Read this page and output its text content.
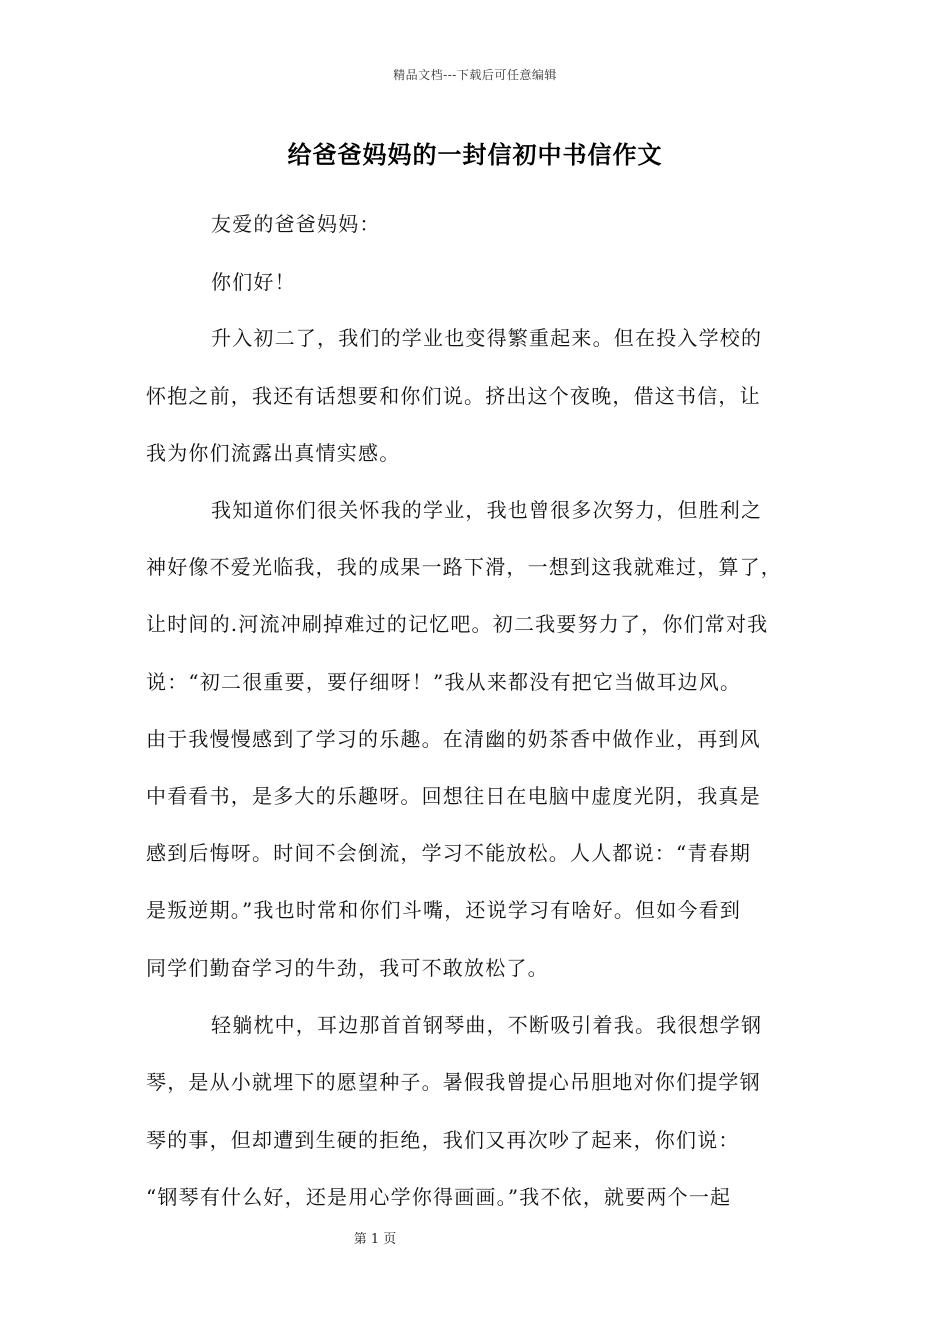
精品文档---下载后可任意编辑
给爸爸妈妈的一封信初中书信作文
友爱的爸爸妈妈：
你们好！
升入初二了，我们的学业也变得繁重起来。但在投入学校的
怀抱之前，我还有话想要和你们说。挤出这个夜晚，借这书信，让
我为你们流露出真情实感。
我知道你们很关怀我的学业，我也曾很多次努力，但胜利之
神好像不爱光临我，我的成果一路下滑，一想到这我就难过，算了，
让时间的.河流冲刷掉难过的记忆吧。初二我要努力了，你们常对我
说：“初二很重要，要仔细呀！”我从来都没有把它当做耳边风。
由于我慢慢感到了学习的乐趣。在清幽的奶茶香中做作业，再到风
中看看书，是多大的乐趣呀。回想往日在电脑中虚度光阴，我真是
感到后悔呀。时间不会倒流，学习不能放松。人人都说：“青春期
是叛逆期。”我也时常和你们斗嘴，还说学习有啥好。但如今看到
同学们勤奋学习的牛劲，我可不敢放松了。
轻躺枕中，耳边那首首钢琴曲，不断吸引着我。我很想学钢
琴，是从小就埋下的愿望种子。暑假我曾提心吊胆地对你们提学钢
琴的事，但却遭到生硬的拒绝，我们又再次吵了起来，你们说：
“钢琴有什么好，还是用心学你得画画。”我不依，就要两个一起
第 1 页
